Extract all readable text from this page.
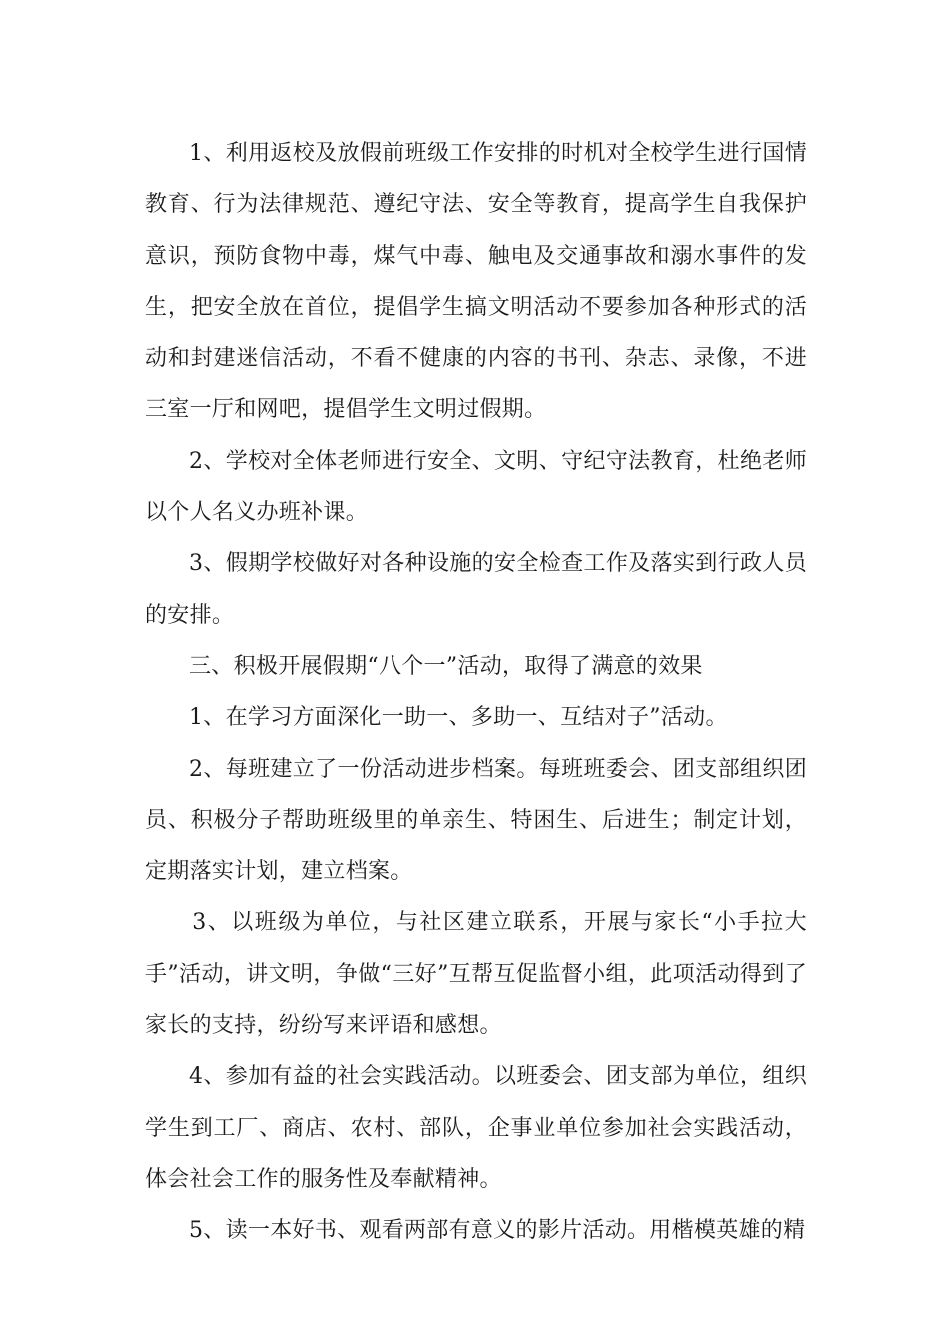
1、利用返校及放假前班级工作安排的时机对全校学生进行国情教育、行为法律规范、遵纪守法、安全等教育，提高学生自我保护意识，预防食物中毒，煤气中毒、触电及交通事故和溺水事件的发生，把安全放在首位，提倡学生搞文明活动不要参加各种形式的活动和封建迷信活动，不看不健康的内容的书刊、杂志、录像，不进三室一厅和网吧，提倡学生文明过假期。

2、学校对全体老师进行安全、文明、守纪守法教育，杜绝老师以个人名义办班补课。

3、假期学校做好对各种设施的安全检查工作及落实到行政人员的安排。

三、积极开展假期“八个一”活动，取得了满意的效果

1、在学习方面深化一助一、多助一、互结对子”活动。

2、每班建立了一份活动进步档案。每班班委会、团支部组织团员、积极分子帮助班级里的单亲生、特困生、后进生；制定计划，定期落实计划，建立档案。

3、以班级为单位，与社区建立联系，开展与家长“小手拉大手”活动，讲文明，争做“三好”互帮互促监督小组，此项活动得到了家长的支持，纷纷写来评语和感想。

4、参加有益的社会实践活动。以班委会、团支部为单位，组织学生到工厂、商店、农村、部队，企事业单位参加社会实践活动，体会社会工作的服务性及奉献精神。

5、读一本好书、观看两部有意义的影片活动。用楷模英雄的精
